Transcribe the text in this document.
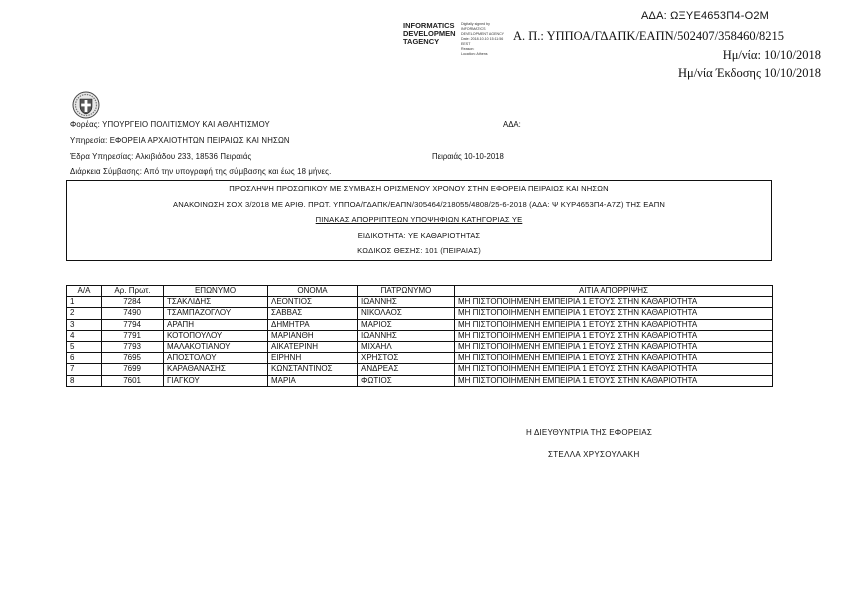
ΑΔΑ: ΩΞΥΕ4653Π4-Ο2Μ
INFORMATICS
DEVELOPMEN
TAGENCY
Digitally signed by
INFORMATICS
DEVELOPMENT AGENCY
Date: 2018.10.10 15:11:56
EEST
Reason:
Location: Athens
Α. Π.: ΥΠΠΟΑ/ΓΔΑΠΚ/ΕΑΠΝ/502407/358460/8215
Ημ/νία: 10/10/2018
Ημ/νία Έκδοσης 10/10/2018
Φορέας: ΥΠΟΥΡΓΕΙΟ ΠΟΛΙΤΙΣΜΟΥ ΚΑΙ ΑΘΛΗΤΙΣΜΟΥ	ΑΔΑ:
Υπηρεσία: ΕΦΟΡΕΙΑ ΑΡΧΑΙΟΤΗΤΩΝ ΠΕΙΡΑΙΩΣ ΚΑΙ ΝΗΣΩΝ
Έδρα Υπηρεσίας: Αλκιβιάδου 233, 18536 Πειραιάς	Πειραιάς 10-10-2018
Διάρκεια Σύμβασης: Από την υπογραφή της σύμβασης και έως 18 μήνες.
ΠΡΟΣΛΗΨΗ ΠΡΟΣΩΠΙΚΟΥ ΜΕ ΣΥΜΒΑΣΗ ΟΡΙΣΜΕΝΟΥ ΧΡΟΝΟΥ ΣΤΗΝ ΕΦΟΡΕΙΑ ΠΕΙΡΑΙΩΣ ΚΑΙ ΝΗΣΩΝ
ΑΝΑΚΟΙΝΩΣΗ ΣΟΧ 3/2018 ΜΕ ΑΡΙΘ. ΠΡΩΤ. ΥΠΠΟΑ/ΓΔΑΠΚ/ΕΑΠΝ/305464/218055/4808/25-6-2018 (ΑΔΑ: Ψ ΚΥΡ4653Π4-Α7Ζ) ΤΗΣ ΕΑΠΝ
ΠΙΝΑΚΑΣ ΑΠΟΡΡΙΠΤΕΩΝ ΥΠΟΨΗΦΙΩΝ ΚΑΤΗΓΟΡΙΑΣ ΥΕ
ΕΙΔΙΚΟΤΗΤΑ: ΥΕ ΚΑΘΑΡΙΟΤΗΤΑΣ
ΚΩΔΙΚΟΣ ΘΕΣΗΣ: 101 (ΠΕΙΡΑΙΑΣ)
Α/Α	Αρ. Πρωτ.	ΕΠΩΝΥΜΟ	ΟΝΟΜΑ	ΠΑΤΡΩΝΥΜΟ	ΑΙΤΙΑ ΑΠΟΡΡΙΨΗΣ
1	7284	ΤΣΑΚΛΙΔΗΣ	ΛΕΟΝΤΙΟΣ	ΙΩΑΝΝΗΣ	ΜΗ ΠΙΣΤΟΠΟΙΗΜΕΝΗ ΕΜΠΕΙΡΙΑ 1 ΕΤΟΥΣ ΣΤΗΝ ΚΑΘΑΡΙΟΤΗΤΑ
2	7490	ΤΣΑΜΠΑΖΟΓΛΟΥ	ΣΑΒΒΑΣ	ΝΙΚΟΛΑΟΣ	ΜΗ ΠΙΣΤΟΠΟΙΗΜΕΝΗ ΕΜΠΕΙΡΙΑ 1 ΕΤΟΥΣ ΣΤΗΝ ΚΑΘΑΡΙΟΤΗΤΑ
3	7794	ΑΡΑΠΗ	ΔΗΜΗΤΡΑ	ΜΑΡΙΟΣ	ΜΗ ΠΙΣΤΟΠΟΙΗΜΕΝΗ ΕΜΠΕΙΡΙΑ 1 ΕΤΟΥΣ ΣΤΗΝ ΚΑΘΑΡΙΟΤΗΤΑ
4	7791	ΚΟΤΟΠΟΥΛΟΥ	ΜΑΡΙΑΝΘΗ	ΙΩΑΝΝΗΣ	ΜΗ ΠΙΣΤΟΠΟΙΗΜΕΝΗ ΕΜΠΕΙΡΙΑ 1 ΕΤΟΥΣ ΣΤΗΝ ΚΑΘΑΡΙΟΤΗΤΑ
5	7793	ΜΑΛΑΚΟΤΙΑΝΟΥ	ΑΙΚΑΤΕΡΙΝΗ	ΜΙΧΑΗΛ	ΜΗ ΠΙΣΤΟΠΟΙΗΜΕΝΗ ΕΜΠΕΙΡΙΑ 1 ΕΤΟΥΣ ΣΤΗΝ ΚΑΘΑΡΙΟΤΗΤΑ
6	7695	ΑΠΟΣΤΟΛΟΥ	ΕΙΡΗΝΗ	ΧΡΗΣΤΟΣ	ΜΗ ΠΙΣΤΟΠΟΙΗΜΕΝΗ ΕΜΠΕΙΡΙΑ 1 ΕΤΟΥΣ ΣΤΗΝ ΚΑΘΑΡΙΟΤΗΤΑ
7	7699	ΚΑΡΑΘΑΝΑΣΗΣ	ΚΩΝΣΤΑΝΤΙΝΟΣ	ΑΝΔΡΕΑΣ	ΜΗ ΠΙΣΤΟΠΟΙΗΜΕΝΗ ΕΜΠΕΙΡΙΑ 1 ΕΤΟΥΣ ΣΤΗΝ ΚΑΘΑΡΙΟΤΗΤΑ
8	7601	ΓΙΑΓΚΟΥ	ΜΑΡΙΑ	ΦΩΤΙΟΣ	ΜΗ ΠΙΣΤΟΠΟΙΗΜΕΝΗ ΕΜΠΕΙΡΙΑ 1 ΕΤΟΥΣ ΣΤΗΝ ΚΑΘΑΡΙΟΤΗΤΑ
Η ΔΙΕΥΘΥΝΤΡΙΑ ΤΗΣ ΕΦΟΡΕΙΑΣ
ΣΤΕΛΛΑ ΧΡΥΣΟΥΛΑΚΗ
